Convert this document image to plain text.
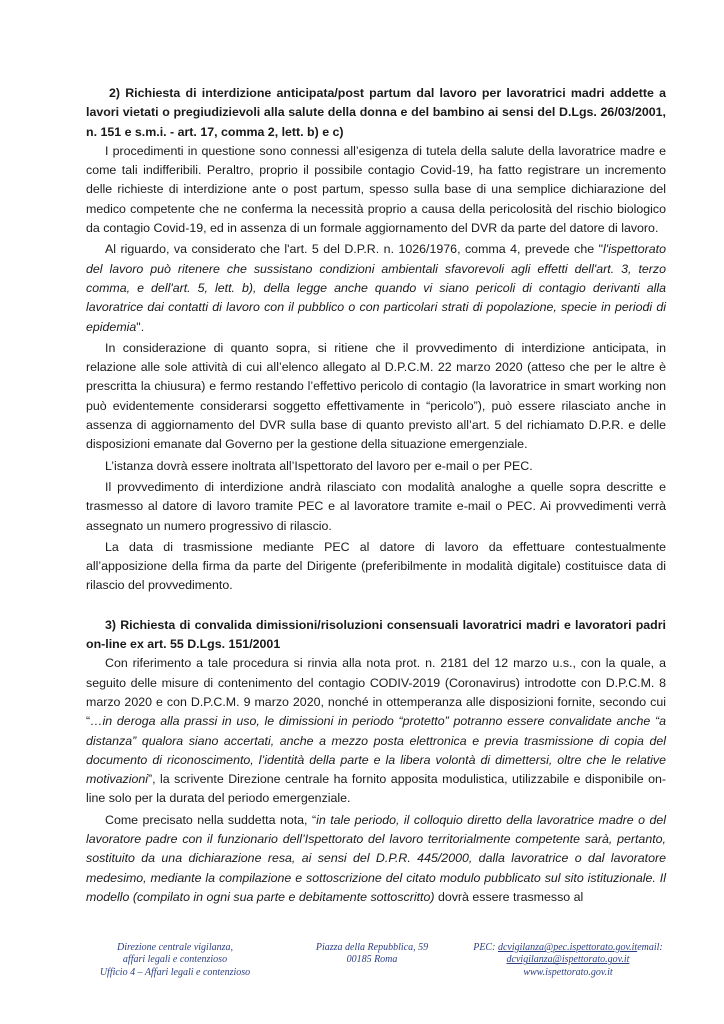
2) Richiesta di interdizione anticipata/post partum dal lavoro per lavoratrici madri addette a lavori vietati o pregiudizievoli alla salute della donna e del bambino ai sensi del D.Lgs. 26/03/2001, n. 151 e s.m.i. - art. 17, comma 2, lett. b) e c)

I procedimenti in questione sono connessi all’esigenza di tutela della salute della lavoratrice madre e come tali indifferibili. Peraltro, proprio il possibile contagio Covid-19, ha fatto registrare un incremento delle richieste di interdizione ante o post partum, spesso sulla base di una semplice dichiarazione del medico competente che ne conferma la necessità proprio a causa della pericolosità del rischio biologico da contagio Covid-19, ed in assenza di un formale aggiornamento del DVR da parte del datore di lavoro.

Al riguardo, va considerato che l'art. 5 del D.P.R. n. 1026/1976, comma 4, prevede che "l'ispettorato del lavoro può ritenere che sussistano condizioni ambientali sfavorevoli agli effetti dell'art. 3, terzo comma, e dell'art. 5, lett. b), della legge anche quando vi siano pericoli di contagio derivanti alla lavoratrice dai contatti di lavoro con il pubblico o con particolari strati di popolazione, specie in periodi di epidemia".

In considerazione di quanto sopra, si ritiene che il provvedimento di interdizione anticipata, in relazione alle sole attività di cui all’elenco allegato al D.P.C.M. 22 marzo 2020 (atteso che per le altre è prescritta la chiusura) e fermo restando l’effettivo pericolo di contagio (la lavoratrice in smart working non può evidentemente considerarsi soggetto effettivamente in “pericolo”), può essere rilasciato anche in assenza di aggiornamento del DVR sulla base di quanto previsto all’art. 5 del richiamato D.P.R. e delle disposizioni emanate dal Governo per la gestione della situazione emergenziale.

L’istanza dovrà essere inoltrata all’Ispettorato del lavoro per e-mail o per PEC.

Il provvedimento di interdizione andrà rilasciato con modalità analoghe a quelle sopra descritte e trasmesso al datore di lavoro tramite PEC e al lavoratore tramite e-mail o PEC. Ai provvedimenti verrà assegnato un numero progressivo di rilascio.

La data di trasmissione mediante PEC al datore di lavoro da effettuare contestualmente all’apposizione della firma da parte del Dirigente (preferibilmente in modalità digitale) costituisce data di rilascio del provvedimento.

3) Richiesta di convalida dimissioni/risoluzioni consensuali lavoratrici madri e lavoratori padri on-line ex art. 55 D.Lgs. 151/2001

Con riferimento a tale procedura si rinvia alla nota prot. n. 2181 del 12 marzo u.s., con la quale, a seguito delle misure di contenimento del contagio CODIV-2019 (Coronavirus) introdotte con D.P.C.M. 8 marzo 2020 e con D.P.C.M. 9 marzo 2020, nonché in ottemperanza alle disposizioni fornite, secondo cui “…in deroga alla prassi in uso, le dimissioni in periodo “protetto” potranno essere convalidate anche “a distanza” qualora siano accertati, anche a mezzo posta elettronica e previa trasmissione di copia del documento di riconoscimento, l’identità della parte e la libera volontà di dimettersi, oltre che le relative motivazioni”, la scrivente Direzione centrale ha fornito apposita modulistica, utilizzabile e disponibile on-line solo per la durata del periodo emergenziale.

Come precisato nella suddetta nota, “in tale periodo, il colloquio diretto della lavoratrice madre o del lavoratore padre con il funzionario dell’Ispettorato del lavoro territorialmente competente sarà, pertanto, sostituito da una dichiarazione resa, ai sensi del D.P.R. 445/2000, dalla lavoratrice o dal lavoratore medesimo, mediante la compilazione e sottoscrizione del citato modulo pubblicato sul sito istituzionale. Il modello (compilato in ogni sua parte e debitamente sottoscritto) dovrà essere trasmesso al

Direzione centrale vigilanza,
affari legali e contenzioso
Ufficio 4 – Affari legali e contenzioso
Piazza della Repubblica, 59
00185 Roma
PEC: dcvigilanza@pec.ispettorato.gov.itemail:
dcvigilanza@ispettorato.gov.it
www.ispettorato.gov.it
